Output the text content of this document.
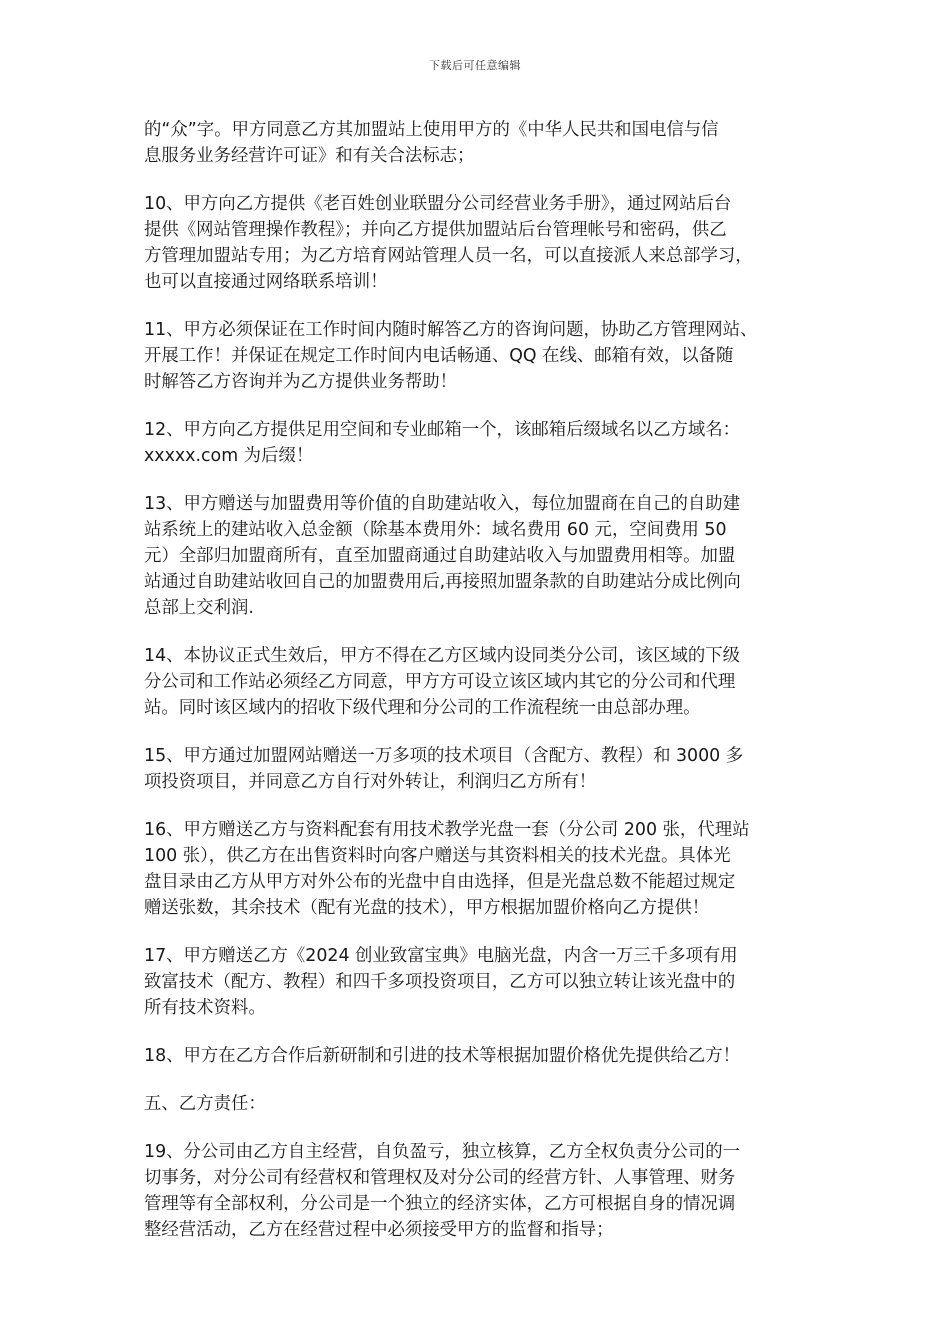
下载后可任意编辑

的“众”字。甲方同意乙方其加盟站上使用甲方的《中华人民共和国电信与信
息服务业务经营许可证》和有关合法标志；

10、甲方向乙方提供《老百姓创业联盟分公司经营业务手册》，通过网站后台
提供《网站管理操作教程》；并向乙方提供加盟站后台管理帐号和密码，供乙
方管理加盟站专用；为乙方培育网站管理人员一名，可以直接派人来总部学习，
也可以直接通过网络联系培训！

11、甲方必须保证在工作时间内随时解答乙方的咨询问题，协助乙方管理网站、
开展工作！并保证在规定工作时间内电话畅通、QQ 在线、邮箱有效，以备随
时解答乙方咨询并为乙方提供业务帮助！

12、甲方向乙方提供足用空间和专业邮箱一个，该邮箱后缀域名以乙方域名：
xxxxx.com 为后缀！

13、甲方赠送与加盟费用等价值的自助建站收入，每位加盟商在自己的自助建
站系统上的建站收入总金额（除基本费用外：域名费用 60 元，空间费用 50
元）全部归加盟商所有，直至加盟商通过自助建站收入与加盟费用相等。加盟
站通过自助建站收回自己的加盟费用后,再接照加盟条款的自助建站分成比例向
总部上交利润.

14、本协议正式生效后，甲方不得在乙方区域内设同类分公司，该区域的下级
分公司和工作站必须经乙方同意，甲方方可设立该区域内其它的分公司和代理
站。同时该区域内的招收下级代理和分公司的工作流程统一由总部办理。

15、甲方通过加盟网站赠送一万多项的技术项目（含配方、教程）和 3000 多
项投资项目，并同意乙方自行对外转让，利润归乙方所有！

16、甲方赠送乙方与资料配套有用技术教学光盘一套（分公司 200 张，代理站
100 张），供乙方在出售资料时向客户赠送与其资料相关的技术光盘。具体光
盘目录由乙方从甲方对外公布的光盘中自由选择，但是光盘总数不能超过规定
赠送张数，其余技术（配有光盘的技术），甲方根据加盟价格向乙方提供！

17、甲方赠送乙方《2024 创业致富宝典》电脑光盘，内含一万三千多项有用
致富技术（配方、教程）和四千多项投资项目，乙方可以独立转让该光盘中的
所有技术资料。

18、甲方在乙方合作后新研制和引进的技术等根据加盟价格优先提供给乙方！

五、乙方责任：

19、分公司由乙方自主经营，自负盈亏，独立核算，乙方全权负责分公司的一
切事务，对分公司有经营权和管理权及对分公司的经营方针、人事管理、财务
管理等有全部权利，分公司是一个独立的经济实体，乙方可根据自身的情况调
整经营活动，乙方在经营过程中必须接受甲方的监督和指导；
